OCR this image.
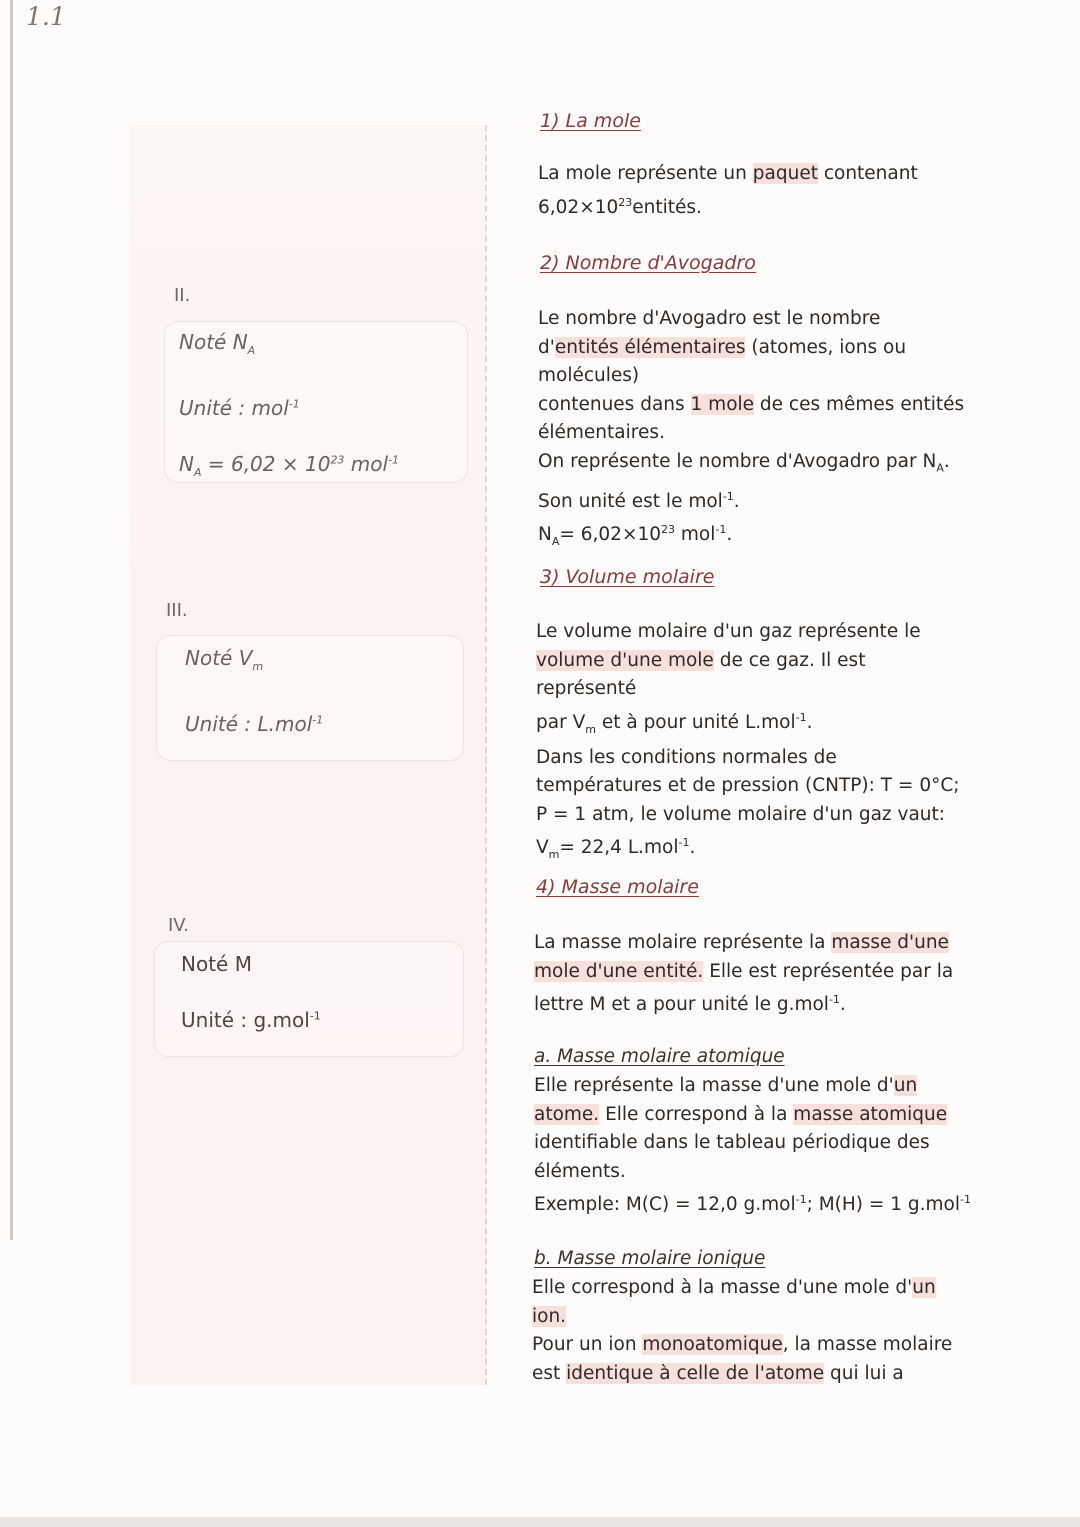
1.1
II.
Noté $N_A$
Unité : mol$^{-1}$
$N_A = 6,02 \times 10^{23}$ mol$^{-1}$
III.
Noté $V_m$
Unité : L.mol$^{-1}$
IV.
Noté M
Unité : g.mol$^{-1}$
1) La mole
La mole représente un paquet contenant
$6,02\times 10^{23}entités$.
2) Nombre d'Avogadro
Le nombre d'Avogadro est le nombre
d'entités élémentaires (atomes, ions ou
molécules)
contenues dans 1 mole de ces mêmes entités
élémentaires.
On représente le nombre d'Avogadro par $N_A$.
Son unité est le mol$^{-1}$.
$N_A= 6,02\times 10^{23}$ mol$^{-1}$.
3) Volume molaire
Le volume molaire d'un gaz représente le
volume d'une mole de ce gaz. Il est
représenté
par $V_m$ et à pour unité L.mol$^{-1}$.
Dans les conditions normales de
températures et de pression (CNTP): T = 0°C;
P = 1 atm, le volume molaire d'un gaz vaut:
$V_m= 22,4$ L.mol$^{-1}$.
4) Masse molaire
La masse molaire représente la masse d'une
mole d'une entité. Elle est représentée par la
lettre M et a pour unité le g.mol$^{-1}$.
a. Masse molaire atomique
Elle représente la masse d'une mole d'un
atome. Elle correspond à la masse atomique
identifiable dans le tableau périodique des
éléments.
Exemple: M(C) = 12,0 g.mol$^{-1}$; M(H) = 1 g.mol$^{-1}$
b. Masse molaire ionique
Elle correspond à la masse d'une mole d'un
ion.
Pour un ion monoatomique, la masse molaire
est identique à celle de l'atome qui lui a
